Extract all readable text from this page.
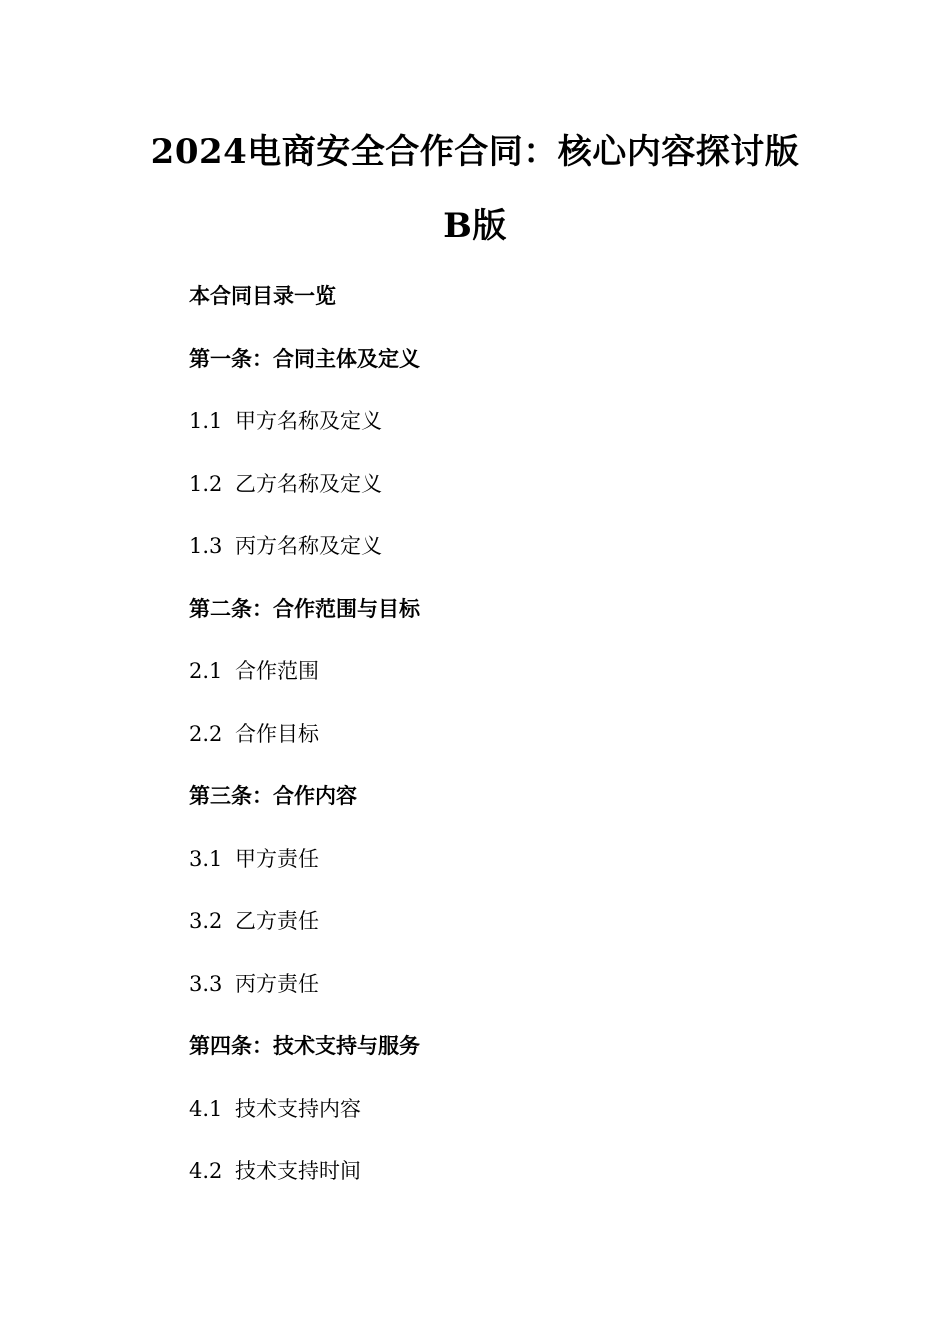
2024电商安全合作合同：核心内容探讨版
B版
本合同目录一览
第一条：合同主体及定义
1.1 甲方名称及定义
1.2 乙方名称及定义
1.3 丙方名称及定义
第二条：合作范围与目标
2.1 合作范围
2.2 合作目标
第三条：合作内容
3.1 甲方责任
3.2 乙方责任
3.3 丙方责任
第四条：技术支持与服务
4.1 技术支持内容
4.2 技术支持时间
